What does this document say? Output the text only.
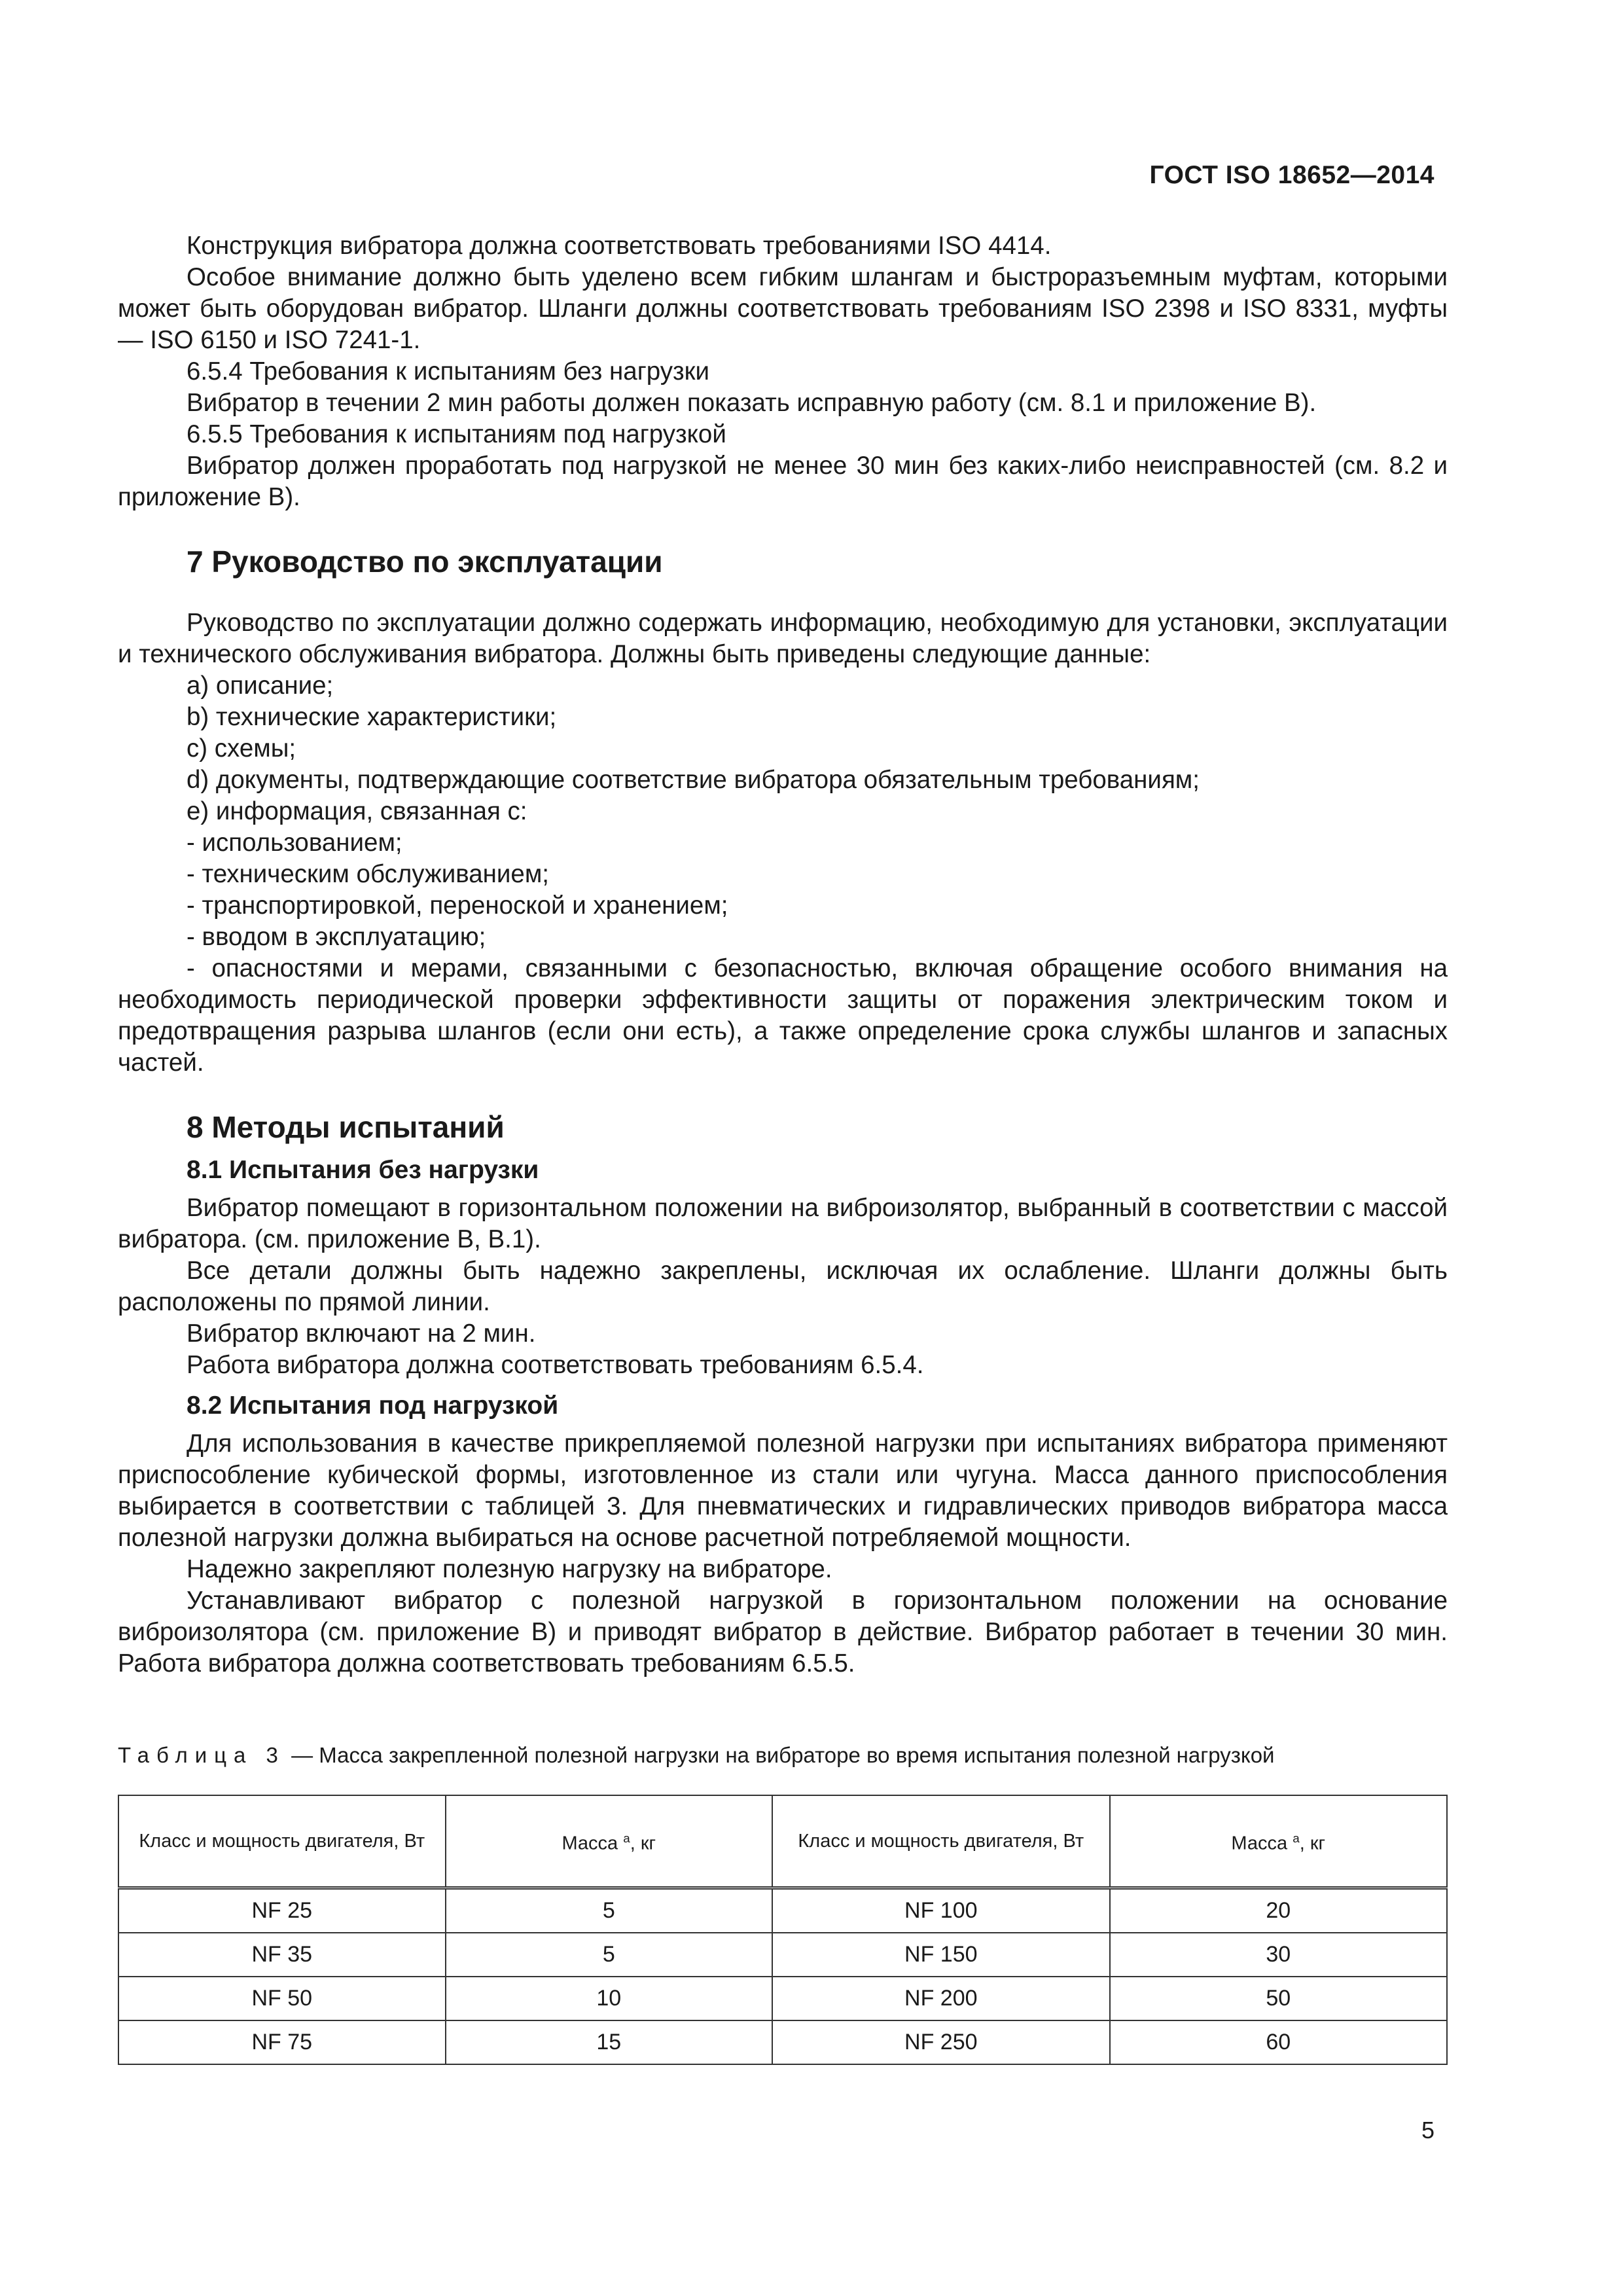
ГОСТ ISO 18652—2014

Конструкция вибратора должна соответствовать требованиями ISO 4414.

Особое внимание должно быть уделено всем гибким шлангам и быстроразъемным муфтам, которыми может быть оборудован вибратор. Шланги должны соответствовать требованиям ISO 2398 и ISO 8331, муфты — ISO 6150 и ISO 7241-1.

6.5.4 Требования к испытаниям без нагрузки

Вибратор в течении 2 мин работы должен показать исправную работу (см. 8.1 и приложение В).

6.5.5 Требования к испытаниям под нагрузкой

Вибратор должен проработать под нагрузкой не менее 30 мин без каких-либо неисправностей (см. 8.2 и приложение В).

7 Руководство по эксплуатации

Руководство по эксплуатации должно содержать информацию, необходимую для установки, эксплуатации и технического обслуживания вибратора. Должны быть приведены следующие данные:

a) описание;

b) технические характеристики;

c) схемы;

d) документы, подтверждающие соответствие вибратора обязательным требованиям;

e) информация, связанная с:

- использованием;

- техническим обслуживанием;

- транспортировкой, переноской и хранением;

- вводом в эксплуатацию;

- опасностями и мерами, связанными с безопасностью, включая обращение особого внимания на необходимость периодической проверки эффективности защиты от поражения электрическим током и предотвращения разрыва шлангов (если они есть), а также определение срока службы шлангов и запасных частей.

8 Методы испытаний
8.1 Испытания без нагрузки

Вибратор помещают в горизонтальном положении на виброизолятор, выбранный в соответствии с массой вибратора. (см. приложение В, В.1).

Все детали должны быть надежно закреплены, исключая их ослабление. Шланги должны быть расположены по прямой линии.

Вибратор включают на 2 мин.

Работа вибратора должна соответствовать требованиям 6.5.4.

8.2 Испытания под нагрузкой

Для использования в качестве прикрепляемой полезной нагрузки при испытаниях вибратора применяют приспособление кубической формы, изготовленное из стали или чугуна. Масса данного приспособления выбирается в соответствии с таблицей 3. Для пневматических и гидравлических приводов вибратора масса полезной нагрузки должна выбираться на основе расчетной потребляемой мощности.

Надежно закрепляют полезную нагрузку на вибраторе.

Устанавливают вибратор с полезной нагрузкой в горизонтальном положении на основание виброизолятора (см. приложение В) и приводят вибратор в действие. Вибратор работает в течении 30 мин. Работа вибратора должна соответствовать требованиям 6.5.5.

Таблица 3 — Масса закрепленной полезной нагрузки на вибраторе во время испытания полезной нагрузкой
Класс и мощность двигателя, Вт	Масса $^a$, кг	Класс и мощность двигателя, Вт	Масса $^a$, кг
NF 25	5	NF 100	20
NF 35	5	NF 150	30
NF 50	10	NF 200	50
NF 75	15	NF 250	60
5
